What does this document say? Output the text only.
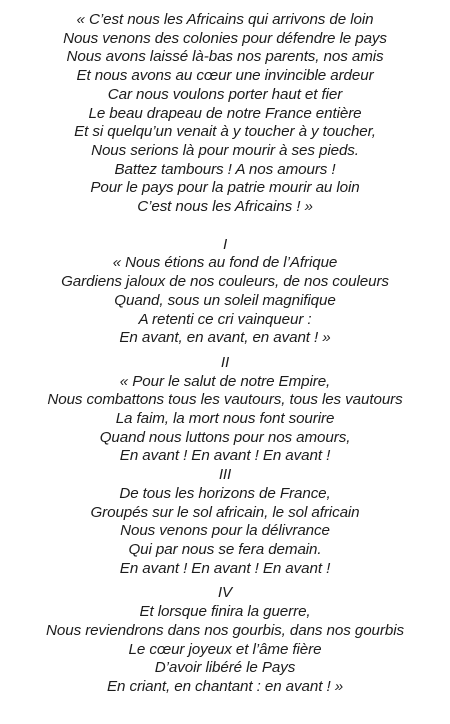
« C’est nous les Africains qui arrivons de loin
Nous venons des colonies pour défendre le pays
Nous avons laissé là-bas nos parents, nos amis
Et nous avons au cœur une invincible ardeur
Car nous voulons porter haut et fier
Le beau drapeau de notre France entière
Et si quelqu’un venait à y toucher à y toucher,
Nous serions là pour mourir à ses pieds.
Battez tambours ! A nos amours !
Pour le pays pour la patrie mourir au loin
C’est nous les Africains ! »
I
« Nous étions au fond de l’Afrique
Gardiens jaloux de nos couleurs, de nos couleurs
Quand, sous un soleil magnifique
A retenti ce cri vainqueur :
En avant, en avant, en avant ! »
II
« Pour le salut de notre Empire,
Nous combattons tous les vautours, tous les vautours
La faim, la mort nous font sourire
Quand nous luttons pour nos amours,
En avant ! En avant ! En avant !
III
De tous les horizons de France,
Groupés sur le sol africain, le sol africain
Nous venons pour la délivrance
Qui par nous se fera demain.
En avant ! En avant ! En avant !
IV
Et lorsque finira la guerre,
Nous reviendrons dans nos gourbis, dans nos gourbis
Le cœur joyeux et l’âme fière
D’avoir libéré le Pays
En criant, en chantant : en avant ! »
